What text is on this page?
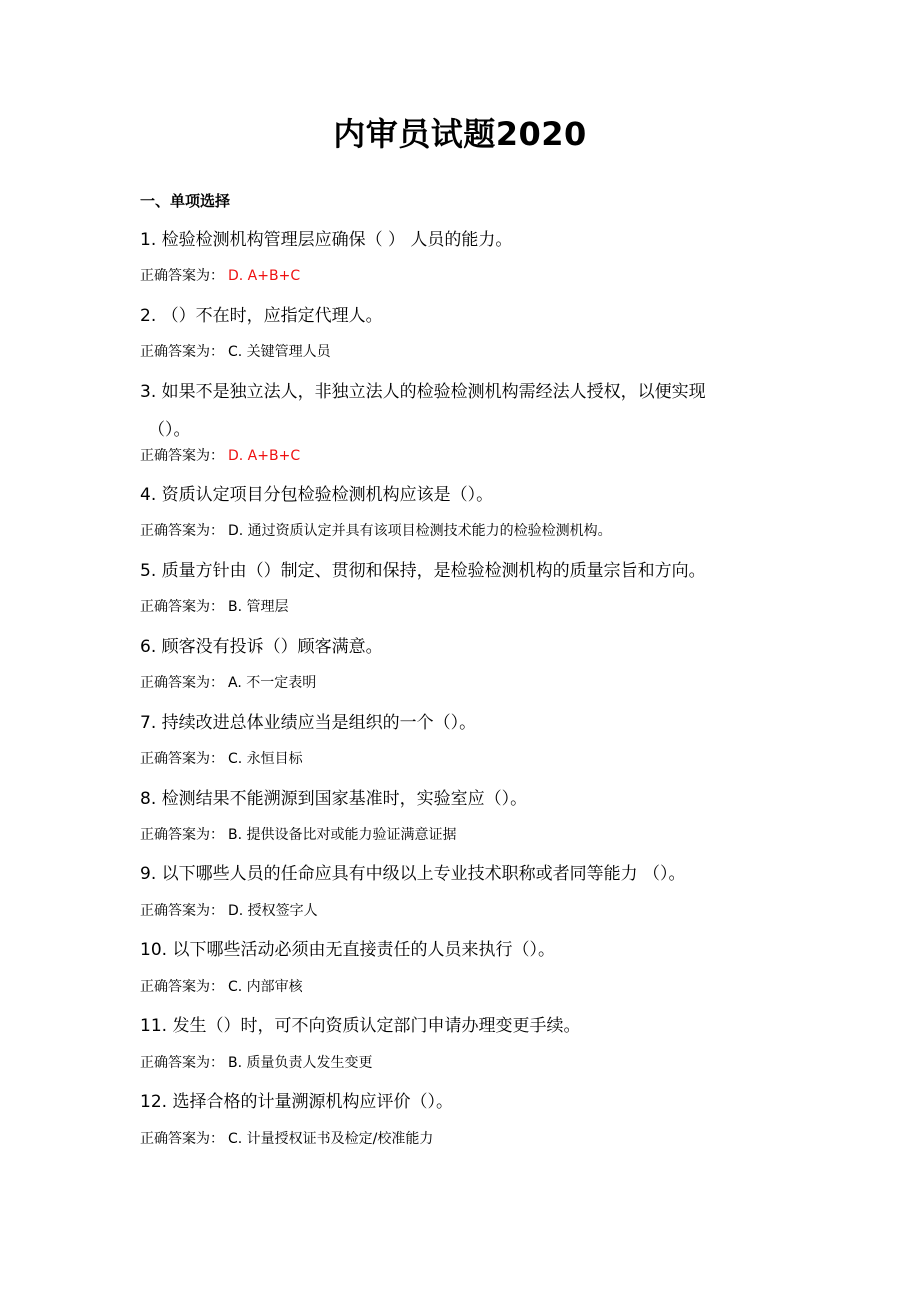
内审员试题2020
一、单项选择
1. 检验检测机构管理层应确保（ ） 人员的能力。
正确答案为： D. A+B+C
2. （）不在时，应指定代理人。
正确答案为： C. 关键管理人员
3. 如果不是独立法人，非独立法人的检验检测机构需经法人授权，以便实现
（）。
正确答案为： D. A+B+C
4. 资质认定项目分包检验检测机构应该是（）。
正确答案为： D. 通过资质认定并具有该项目检测技术能力的检验检测机构。
5. 质量方针由（）制定、贯彻和保持，是检验检测机构的质量宗旨和方向。
正确答案为： B. 管理层
6. 顾客没有投诉（）顾客满意。
正确答案为： A. 不一定表明
7. 持续改进总体业绩应当是组织的一个（）。
正确答案为： C. 永恒目标
8. 检测结果不能溯源到国家基准时，实验室应（）。
正确答案为： B. 提供设备比对或能力验证满意证据
9. 以下哪些人员的任命应具有中级以上专业技术职称或者同等能力 （）。
正确答案为： D. 授权签字人
10. 以下哪些活动必须由无直接责任的人员来执行（）。
正确答案为： C. 内部审核
11. 发生（）时，可不向资质认定部门申请办理变更手续。
正确答案为： B. 质量负责人发生变更
12. 选择合格的计量溯源机构应评价（）。
正确答案为： C. 计量授权证书及检定/校准能力
